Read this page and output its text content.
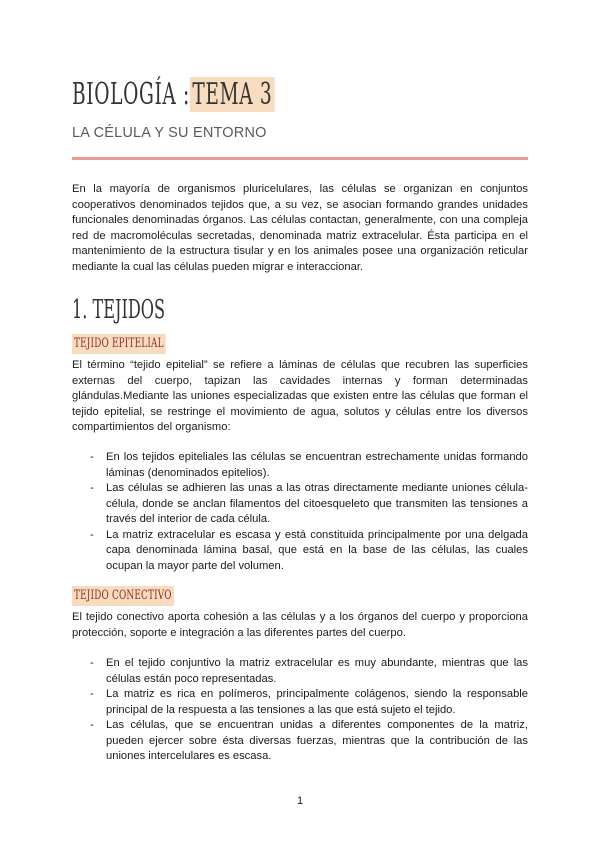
BIOLOGÍA :TEMA 3
LA CÉLULA Y SU ENTORNO
En la mayoría de organismos pluricelulares, las células se organizan en conjuntos cooperativos denominados tejidos que, a su vez, se asocian formando grandes unidades funcionales denominadas órganos. Las células contactan, generalmente, con una compleja red de macromoléculas secretadas, denominada matriz extracelular. Ésta participa en el mantenimiento de la estructura tisular y en los animales posee una organización reticular mediante la cual las células pueden migrar e interaccionar.
1. TEJIDOS
TEJIDO EPITELIAL
El término “tejido epitelial” se refiere a láminas de células que recubren las superficies externas del cuerpo, tapizan las cavidades internas y forman determinadas glándulas.Mediante las uniones especializadas que existen entre las células que forman el tejido epitelial, se restringe el movimiento de agua, solutos y células entre los diversos compartimientos del organismo:
- En los tejidos epiteliales las células se encuentran estrechamente unidas formando láminas (denominados epitelios).
- Las células se adhieren las unas a las otras directamente mediante uniones célula-célula, donde se anclan filamentos del citoesqueleto que transmiten las tensiones a través del interior de cada célula.
- La matriz extracelular es escasa y está constituida principalmente por una delgada capa denominada lámina basal, que está en la base de las células, las cuales ocupan la mayor parte del volumen.
TEJIDO CONECTIVO
El tejido conectivo aporta cohesión a las células y a los órganos del cuerpo y proporciona protección, soporte e integración a las diferentes partes del cuerpo.
- En el tejido conjuntivo la matriz extracelular es muy abundante, mientras que las células están poco representadas.
- La matriz es rica en polímeros, principalmente colágenos, siendo la responsable principal de la respuesta a las tensiones a las que está sujeto el tejido.
- Las células, que se encuentran unidas a diferentes componentes de la matriz, pueden ejercer sobre ésta diversas fuerzas, mientras que la contribución de las uniones intercelulares es escasa.
1
